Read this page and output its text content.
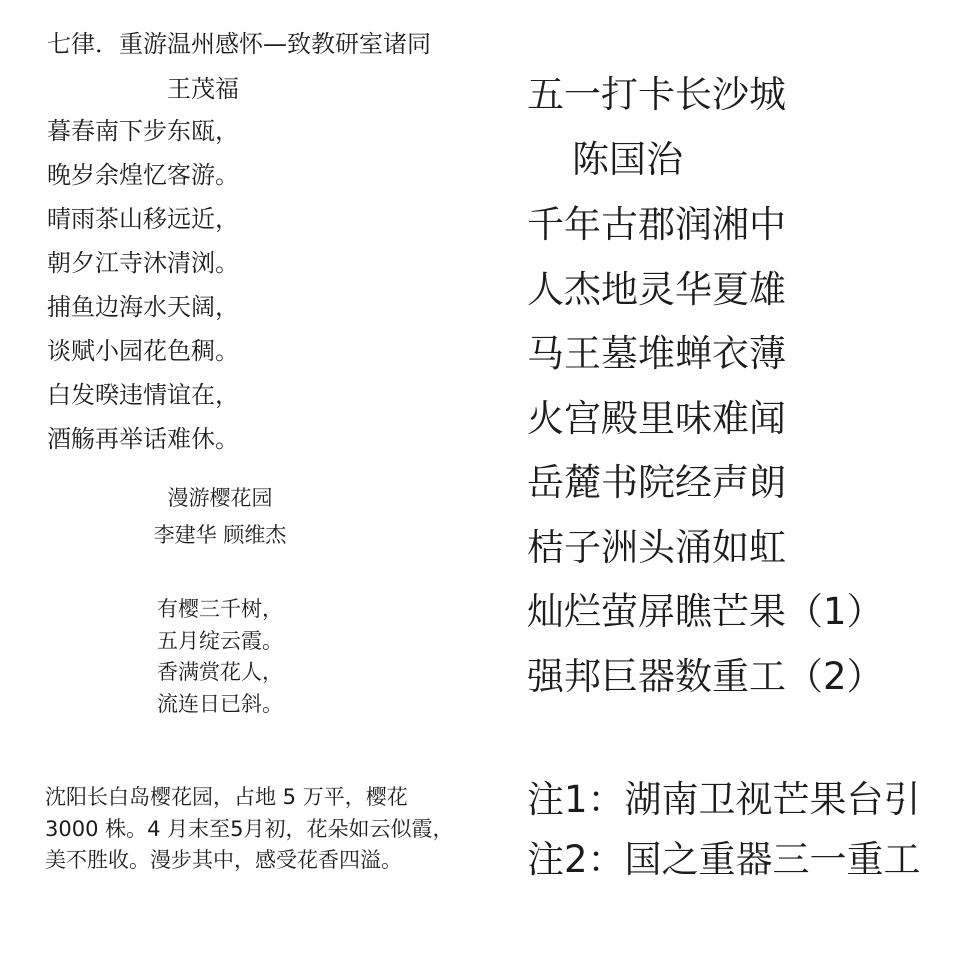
七律．重游温州感怀—致教研室诸同
王茂福
暮春南下步东瓯，
晚岁余煌忆客游。
晴雨茶山移远近，
朝夕江寺沐清浏。
捕鱼边海水天阔，
谈赋小园花色稠。
白发暌违情谊在，
酒觞再举话难休。
漫游樱花园
李建华 顾维杰
有樱三千树，
五月绽云霞。
香满赏花人，
流连日已斜。

沈阳长白岛樱花园，占地 5 万平，樱花3000 株。4 月末至5月初，花朵如云似霞，美不胜收。漫步其中，感受花香四溢。

五一打卡长沙城
陈国治
千年古郡润湘中
人杰地灵华夏雄
马王墓堆蝉衣薄
火宫殿里味难闻
岳麓书院经声朗
桔子洲头涌如虹
灿烂萤屏瞧芒果（1）
强邦巨器数重工（2）
注1：湖南卫视芒果台引
注2：国之重器三一重工
